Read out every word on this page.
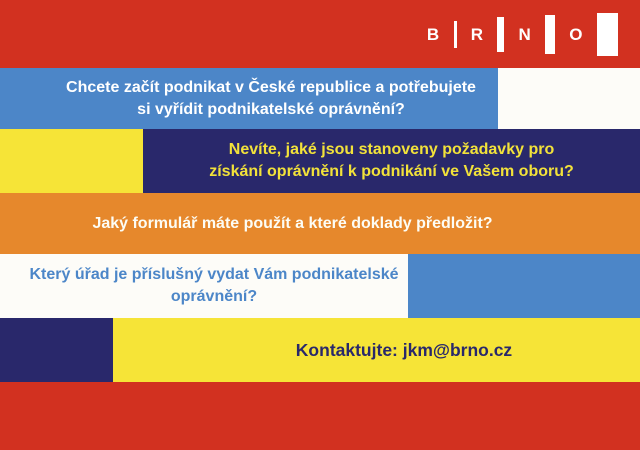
B R N O
Chcete začít podnikat v České republice a potřebujete
si vyřídit podnikatelské oprávnění?
Nevíte, jaké jsou stanoveny požadavky pro
získání oprávnění k podnikání ve Vašem oboru?
Jaký formulář máte použít a které doklady předložit?
Který úřad je příslušný vydat Vám podnikatelské
oprávnění?
Kontaktujte: jkm@brno.cz
